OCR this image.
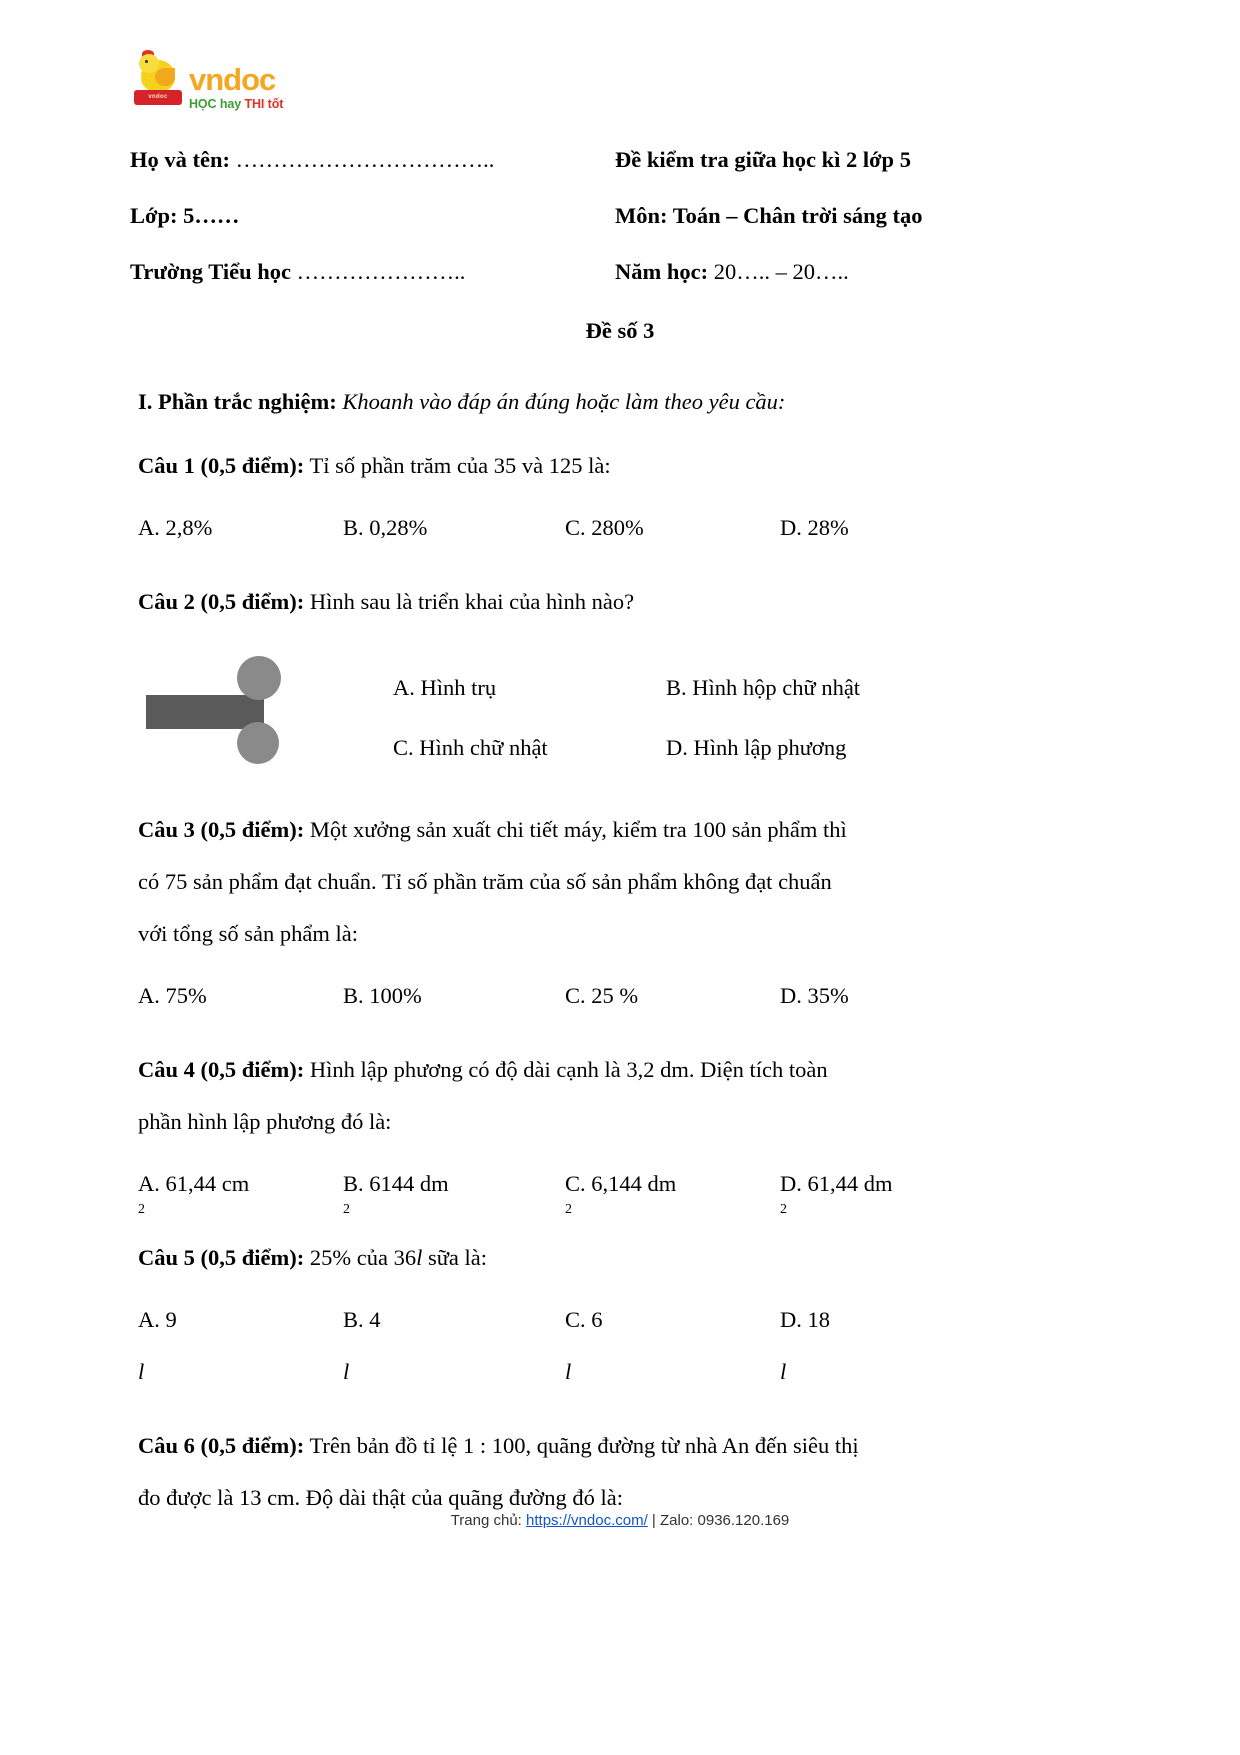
vndoc
vndoc
HỌC hay THI tốt
Họ và tên: ……………………………..	Đề kiểm tra giữa học kì 2 lớp 5
Lớp: 5……	Môn: Toán – Chân trời sáng tạo
Trường Tiểu học …………………..	Năm học: 20….. – 20…..
Đề số 3

I. Phần trắc nghiệm: Khoanh vào đáp án đúng hoặc làm theo yêu cầu:

Câu 1 (0,5 điểm): Tỉ số phần trăm của 35 và 125 là:

A. 2,8%	B. 0,28%	C. 280%	D. 28%

Câu 2 (0,5 điểm): Hình sau là triển khai của hình nào?

A. Hình trụ	B. Hình hộp chữ nhật
C. Hình chữ nhật	D. Hình lập phương

Câu 3 (0,5 điểm): Một xưởng sản xuất chi tiết máy, kiểm tra 100 sản phẩm thì

có 75 sản phẩm đạt chuẩn. Tỉ số phần trăm của số sản phẩm không đạt chuẩn

với tổng số sản phẩm là:

A. 75%	B. 100%	C. 25 %	D. 35%

Câu 4 (0,5 điểm): Hình lập phương có độ dài cạnh là 3,2 dm. Diện tích toàn

phần hình lập phương đó là:

A. 61,44 cm
2
B. 6144 dm
2
C. 6,144 dm
2
D. 61,44 dm
2

Câu 5 (0,5 điểm): 25% của 36l sữa là:

A. 9
l
B. 4
l
C. 6
l
D. 18
l

Câu 6 (0,5 điểm): Trên bản đồ tỉ lệ 1 : 100, quãng đường từ nhà An đến siêu thị

đo được là 13 cm. Độ dài thật của quãng đường đó là:

Trang chủ: https://vndoc.com/ | Zalo: 0936.120.169
